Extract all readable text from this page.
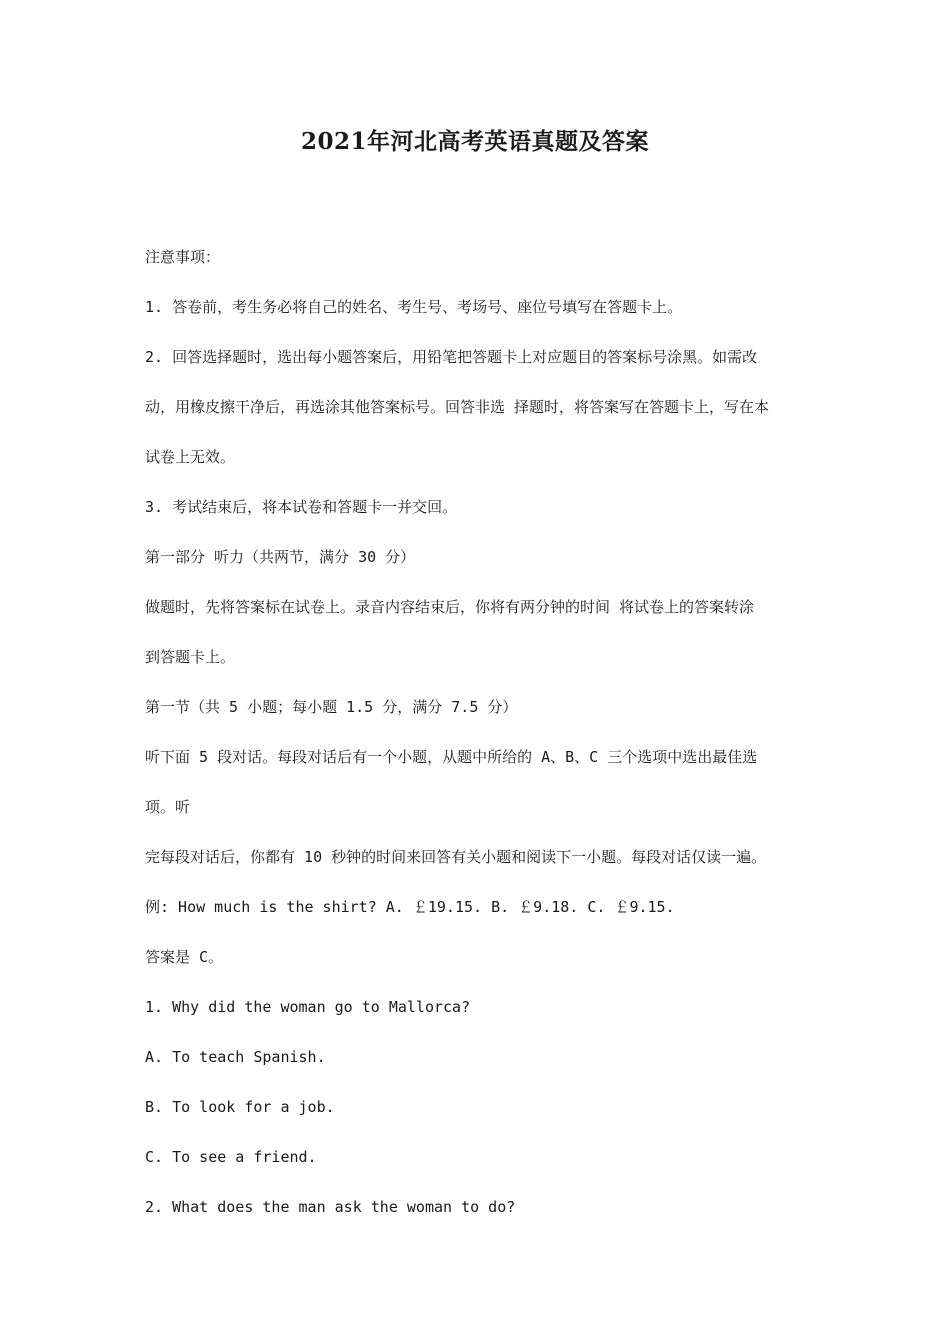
2021年河北高考英语真题及答案
注意事项：
1. 答卷前，考生务必将自己的姓名、考生号、考场号、座位号填写在答题卡上。
2. 回答选择题时，选出每小题答案后，用铅笔把答题卡上对应题目的答案标号涂黑。如需改
动，用橡皮擦干净后，再选涂其他答案标号。回答非选 择题时，将答案写在答题卡上，写在本
试卷上无效。
3. 考试结束后，将本试卷和答题卡一并交回。
第一部分 听力（共两节，满分 30 分）
做题时，先将答案标在试卷上。录音内容结束后，你将有两分钟的时间 将试卷上的答案转涂
到答题卡上。
第一节（共 5 小题；每小题 1.5 分，满分 7.5 分）
听下面 5 段对话。每段对话后有一个小题，从题中所给的 A、B、C 三个选项中选出最佳选
项。听
完每段对话后，你都有 10 秒钟的时间来回答有关小题和阅读下一小题。每段对话仅读一遍。
例: How much is the shirt? A. ￡19.15. B. ￡9.18. C. ￡9.15.
答案是 C。
1. Why did the woman go to Mallorca?
A. To teach Spanish.
B. To look for a job.
C. To see a friend.
2. What does the man ask the woman to do?
